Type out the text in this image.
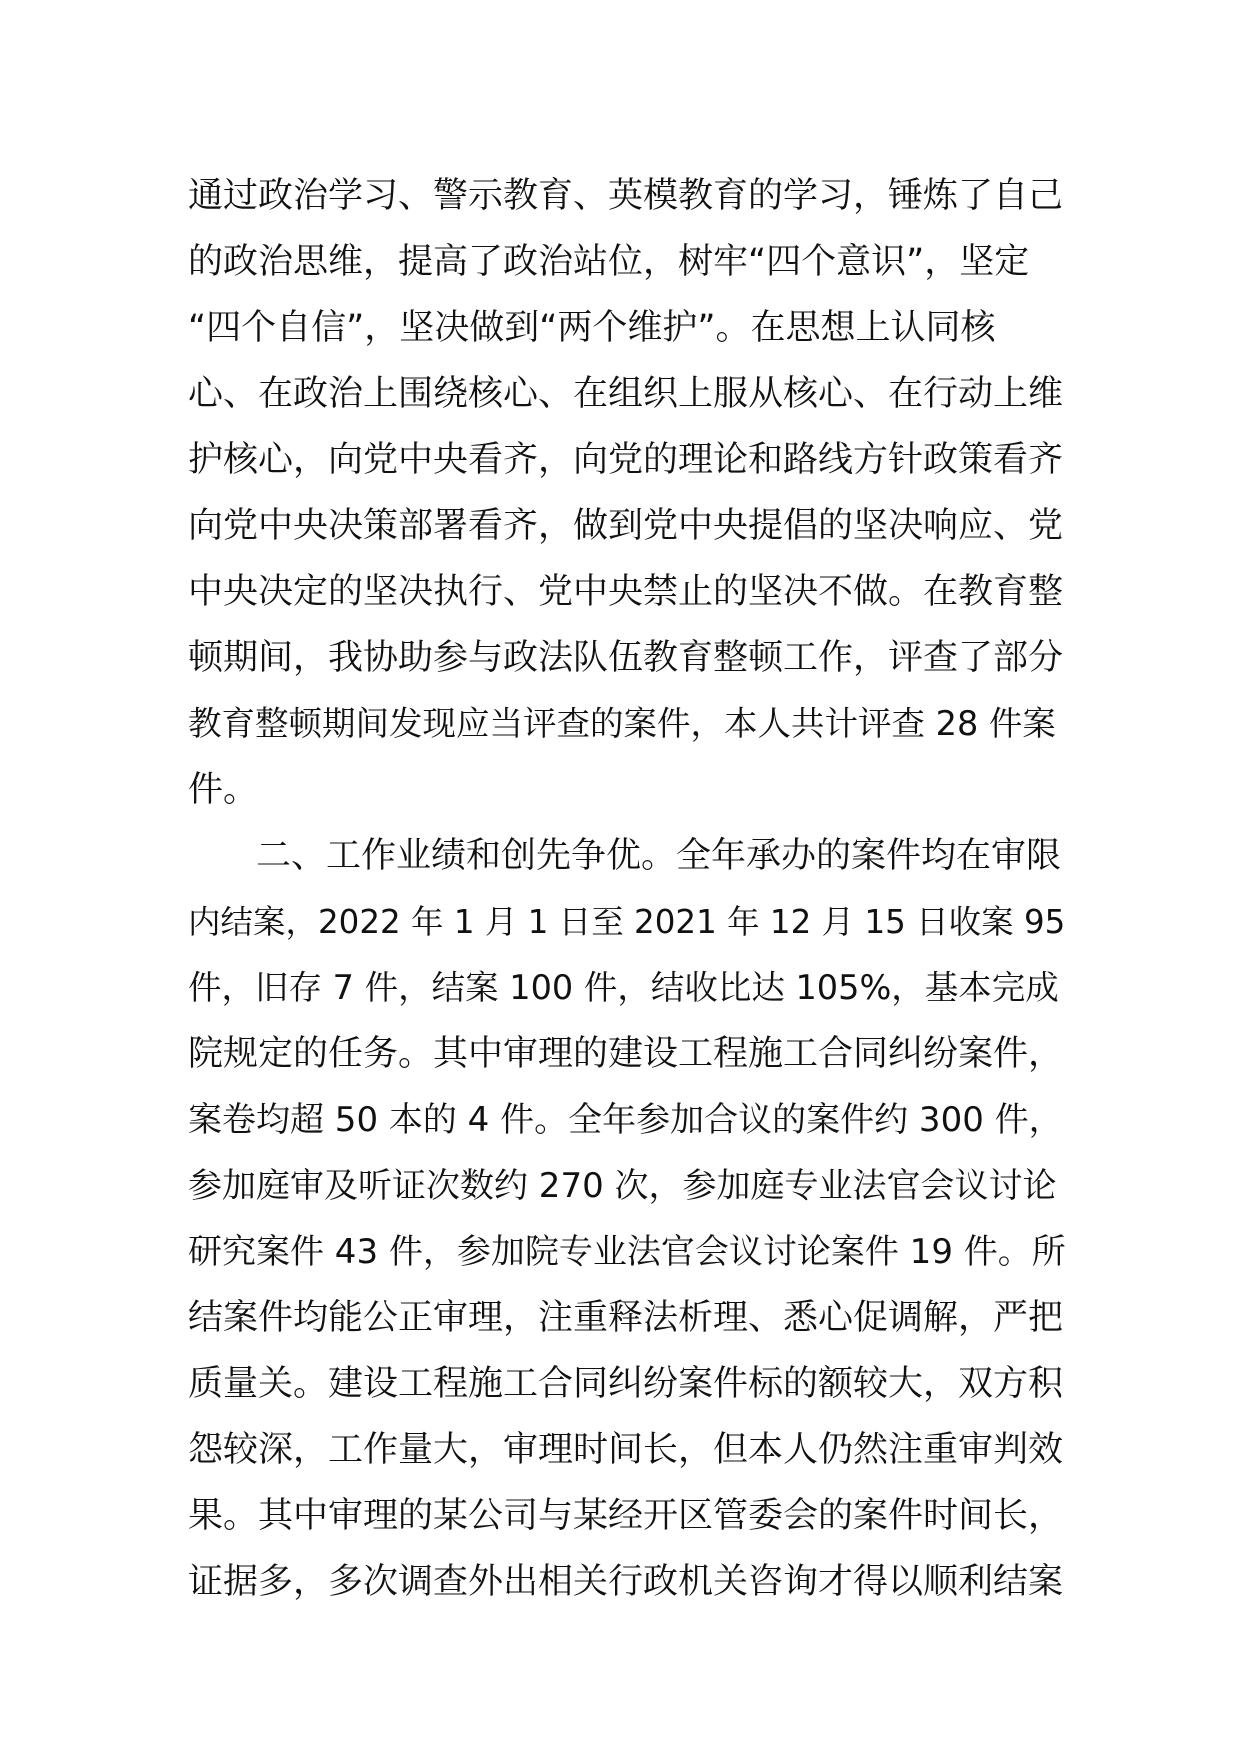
通过政治学习、警示教育、英模教育的学习，锤炼了自己
的政治思维，提高了政治站位，树牢“四个意识”，坚定
“四个自信”，坚决做到“两个维护”。在思想上认同核
心、在政治上围绕核心、在组织上服从核心、在行动上维
护核心，向党中央看齐，向党的理论和路线方针政策看齐
向党中央决策部署看齐，做到党中央提倡的坚决响应、党
中央决定的坚决执行、党中央禁止的坚决不做。在教育整
顿期间，我协助参与政法队伍教育整顿工作，评查了部分
教育整顿期间发现应当评查的案件，本人共计评查 28 件案
件。
二、工作业绩和创先争优。全年承办的案件均在审限
内结案，2022 年 1 月 1 日至 2021 年 12 月 15 日收案 95
件，旧存 7 件，结案 100 件，结收比达 105%，基本完成
院规定的任务。其中审理的建设工程施工合同纠纷案件，
案卷均超 50 本的 4 件。全年参加合议的案件约 300 件，
参加庭审及听证次数约 270 次，参加庭专业法官会议讨论
研究案件 43 件，参加院专业法官会议讨论案件 19 件。所
结案件均能公正审理，注重释法析理、悉心促调解，严把
质量关。建设工程施工合同纠纷案件标的额较大，双方积
怨较深，工作量大，审理时间长，但本人仍然注重审判效
果。其中审理的某公司与某经开区管委会的案件时间长，
证据多，多次调查外出相关行政机关咨询才得以顺利结案
